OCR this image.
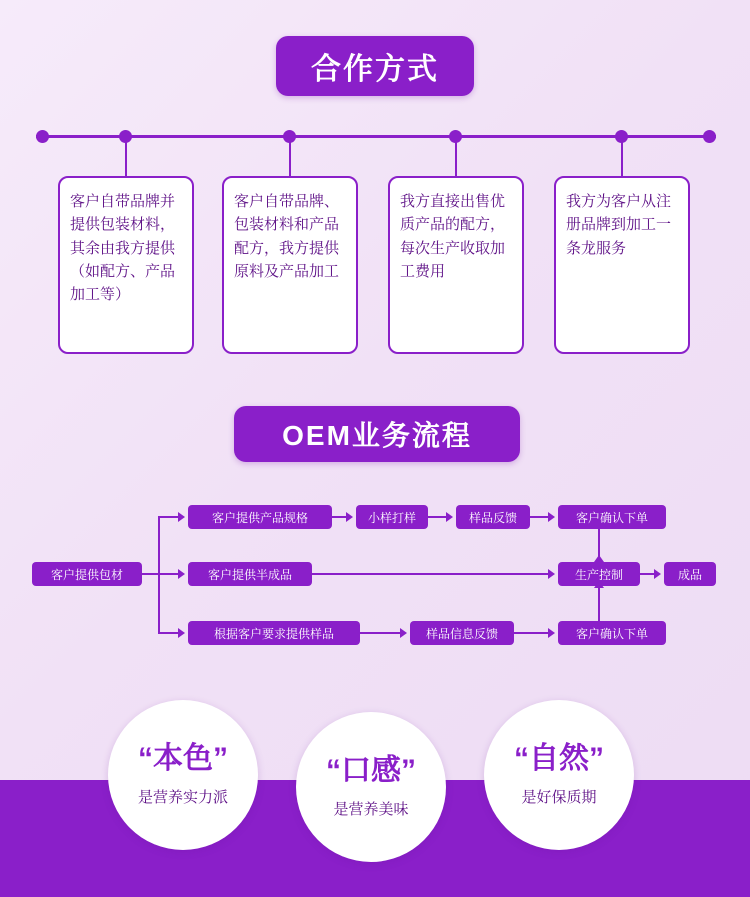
合作方式
客户自带品牌并提供包装材料，其余由我方提供（如配方、产品加工等）
客户自带品牌、包装材料和产品配方，我方提供原料及产品加工
我方直接出售优质产品的配方，每次生产收取加工费用
我方为客户从注册品牌到加工一条龙服务
OEM业务流程
客户提供包材
客户提供产品规格	小样打样	样品反馈	客户确认下单
客户提供半成品	生产控制	成品
根据客户要求提供样品	样品信息反馈	客户确认下单
“本色”
是营养实力派
“口感”
是营养美味
“自然”
是好保质期
